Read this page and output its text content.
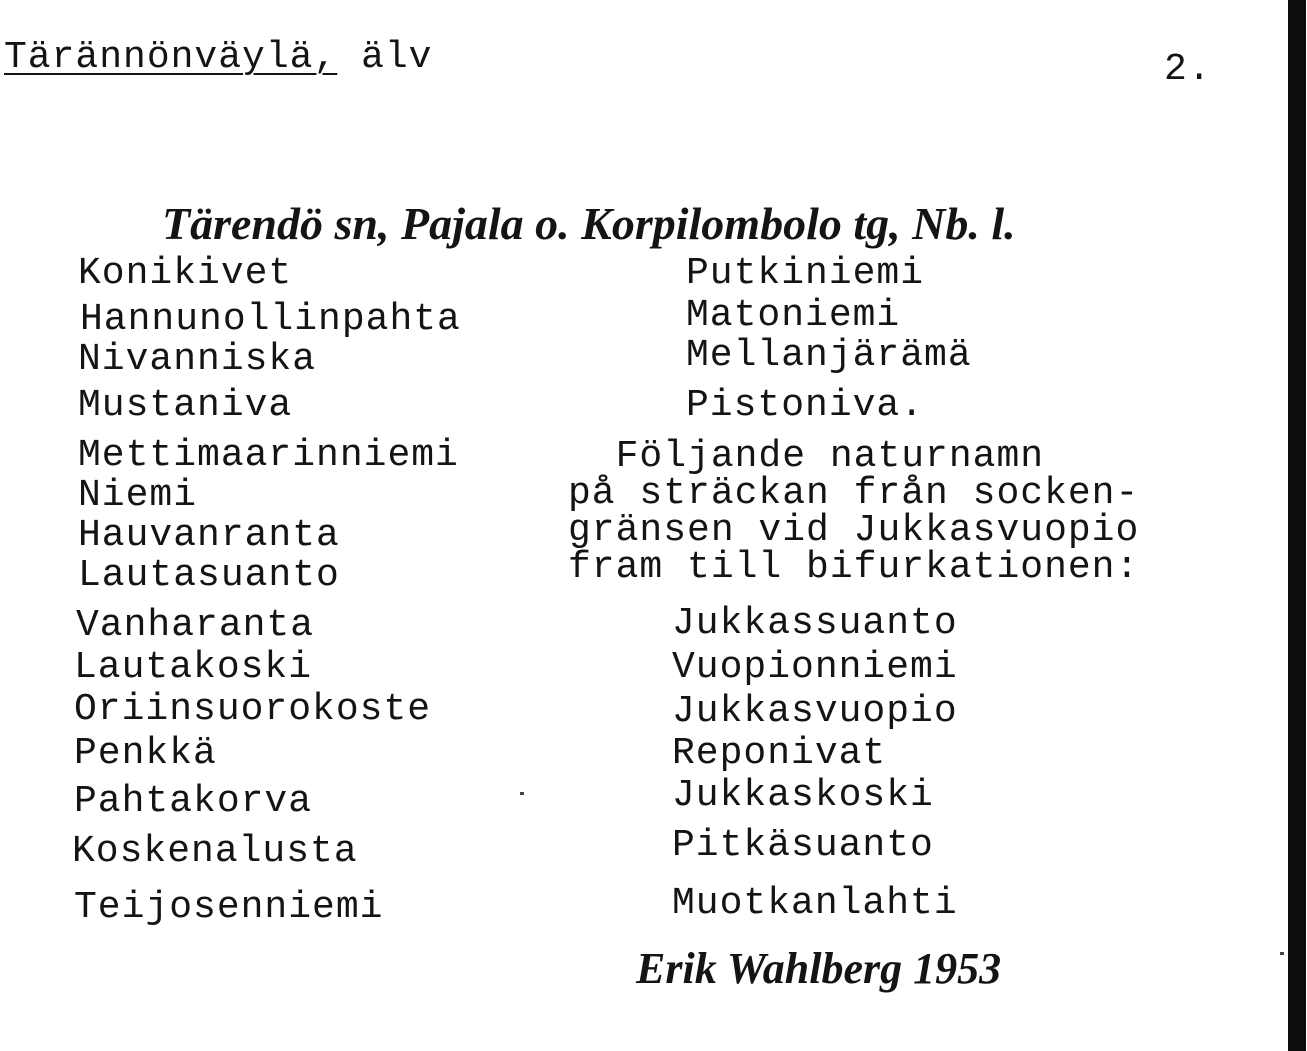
Tärännönväylä, älv	2.

Tärendö sn, Pajala o. Korpilombolo tg, Nb. l.

Konikivet
Hannunollinpahta
Nivanniska
Mustaniva
Mettimaarinniemi
Niemi
Hauvanranta
Lautasuanto
Vanharanta
Lautakoski
Oriinsuorokoste
Penkkä
Pahtakorva
Koskenalusta
Teijosenniemi
Putkiniemi
Matoniemi
Mellanjärämä
Pistoniva.
Följande naturnamn
på sträckan från socken-
gränsen vid Jukkasvuopio
fram till bifurkationen:
Jukkassuanto
Vuopionniemi
Jukkasvuopio
Reponivat
Jukkaskoski
Pitkäsuanto
Muotkanlahti

Erik Wahlberg 1953
